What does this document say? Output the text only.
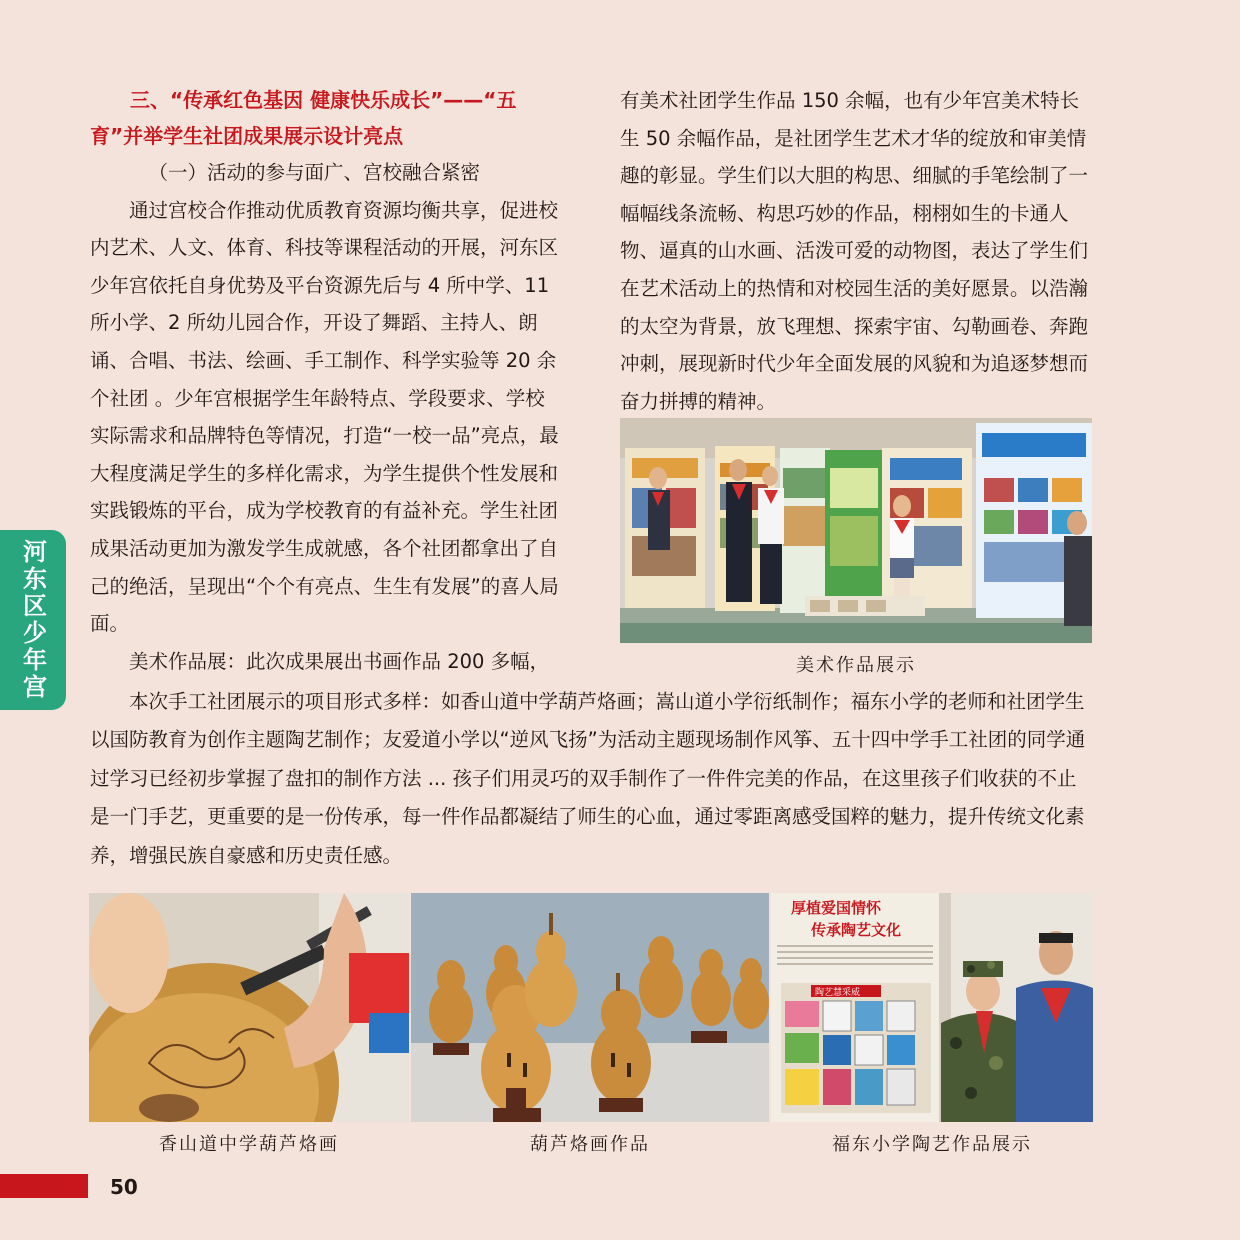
河东区少年宫

三、“传承红色基因 健康快乐成长”——“五育”并举学生社团成果展示设计亮点

（一）活动的参与面广、宫校融合紧密

通过宫校合作推动优质教育资源均衡共享，促进校内艺术、人文、体育、科技等课程活动的开展，河东区少年宫依托自身优势及平台资源先后与 4 所中学、11 所小学、2 所幼儿园合作，开设了舞蹈、主持人、朗诵、合唱、书法、绘画、手工制作、科学实验等 20 余个社团 。少年宫根据学生年龄特点、学段要求、学校实际需求和品牌特色等情况，打造“一校一品”亮点，最大程度满足学生的多样化需求，为学生提供个性发展和实践锻炼的平台，成为学校教育的有益补充。学生社团成果活动更加为激发学生成就感，各个社团都拿出了自己的绝活，呈现出“个个有亮点、生生有发展”的喜人局面。

美术作品展：此次成果展出书画作品 200 多幅，

有美术社团学生作品 150 余幅，也有少年宫美术特长生 50 余幅作品，是社团学生艺术才华的绽放和审美情趣的彰显。学生们以大胆的构思、细腻的手笔绘制了一幅幅线条流畅、构思巧妙的作品，栩栩如生的卡通人物、逼真的山水画、活泼可爱的动物图，表达了学生们在艺术活动上的热情和对校园生活的美好愿景。以浩瀚的太空为背景，放飞理想、探索宇宙、勾勒画卷、奔跑冲刺，展现新时代少年全面发展的风貌和为追逐梦想而奋力拼搏的精神。

美术作品展示

本次手工社团展示的项目形式多样：如香山道中学葫芦烙画；嵩山道小学衍纸制作；福东小学的老师和社团学生以国防教育为创作主题陶艺制作；友爱道小学以“逆风飞扬”为活动主题现场制作风筝、五十四中学手工社团的同学通过学习已经初步掌握了盘扣的制作方法 ... 孩子们用灵巧的双手制作了一件件完美的作品，在这里孩子们收获的不止是一门手艺，更重要的是一份传承，每一件作品都凝结了师生的心血，通过零距离感受国粹的魅力，提升传统文化素养，增强民族自豪感和历史责任感。

厚植爱国情怀
传承陶艺文化
陶艺慧采威
香山道中学葫芦烙画	葫芦烙画作品	福东小学陶艺作品展示
50
